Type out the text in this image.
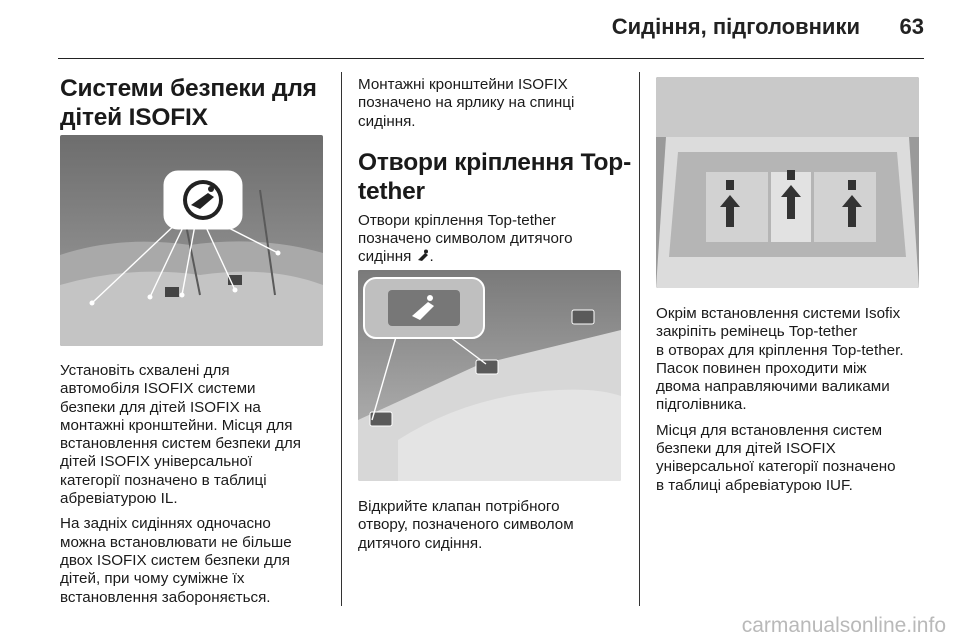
Сидіння, підголовники	63
Системи безпеки для
дітей ISOFIX

Установіть схвалені для
автомобіля ISOFIX системи
безпеки для дітей ISOFIX на
монтажні кронштейни. Місця для
встановлення систем безпеки для
дітей ISOFIX універсальної
категорії позначено в таблиці
абревіатурою IL.

На задніх сидіннях одночасно
можна встановлювати не більше
двох ISOFIX систем безпеки для
дітей, при чому суміжне їх
встановлення забороняється.

Монтажні кронштейни ISOFIX
позначено на ярлику на спинці
сидіння.

Отвори кріплення Top-
tether

Отвори кріплення Top-tether
позначено символом дитячого
сидіння .

Відкрийте клапан потрібного
отвору, позначеного символом
дитячого сидіння.

Окрім встановлення системи Isofix
закріпіть ремінець Top-tether
в отворах для кріплення Top-tether.
Пасок повинен проходити між
двома направляючими валиками
підголівника.

Місця для встановлення систем
безпеки для дітей ISOFIX
універсальної категорії позначено
в таблиці абревіатурою IUF.

carmanualsonline.info
